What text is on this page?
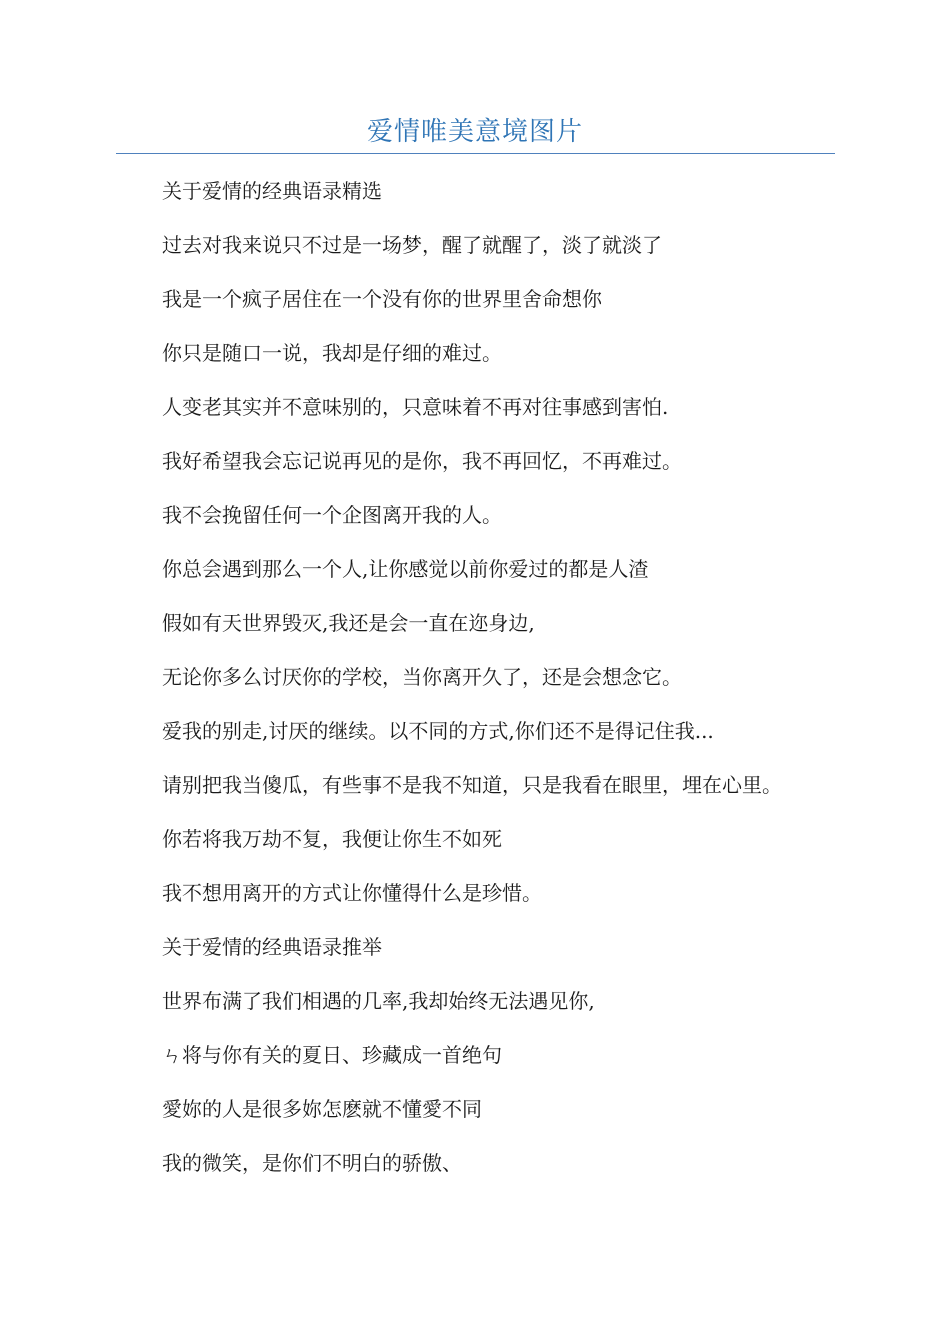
爱情唯美意境图片

关于爱情的经典语录精选

过去对我来说只不过是一场梦，醒了就醒了，淡了就淡了

我是一个疯子居住在一个没有你的世界里舍命想你

你只是随口一说，我却是仔细的难过。

人变老其实并不意味别的，只意味着不再对往事感到害怕.

我好希望我会忘记说再见的是你，我不再回忆，不再难过。

我不会挽留任何一个企图离开我的人。

你总会遇到那么一个人,让你感觉以前你爱过的都是人渣

假如有天世界毁灭,我还是会一直在迩身边,

无论你多么讨厌你的学校，当你离开久了，还是会想念它。

爱我的别走,讨厌的继续。以不同的方式,你们还不是得记住我...

请别把我当傻瓜，有些事不是我不知道，只是我看在眼里，埋在心里。

你若将我万劫不复，我便让你生不如死

我不想用离开的方式让你懂得什么是珍惜。

关于爱情的经典语录推举

世界布满了我们相遇的几率,我却始终无法遇见你,

ㄣ将与你有关的夏日、珍藏成一首绝句

愛妳的人是很多妳怎麽就不懂愛不同

我的微笑，是你们不明白的骄傲、
